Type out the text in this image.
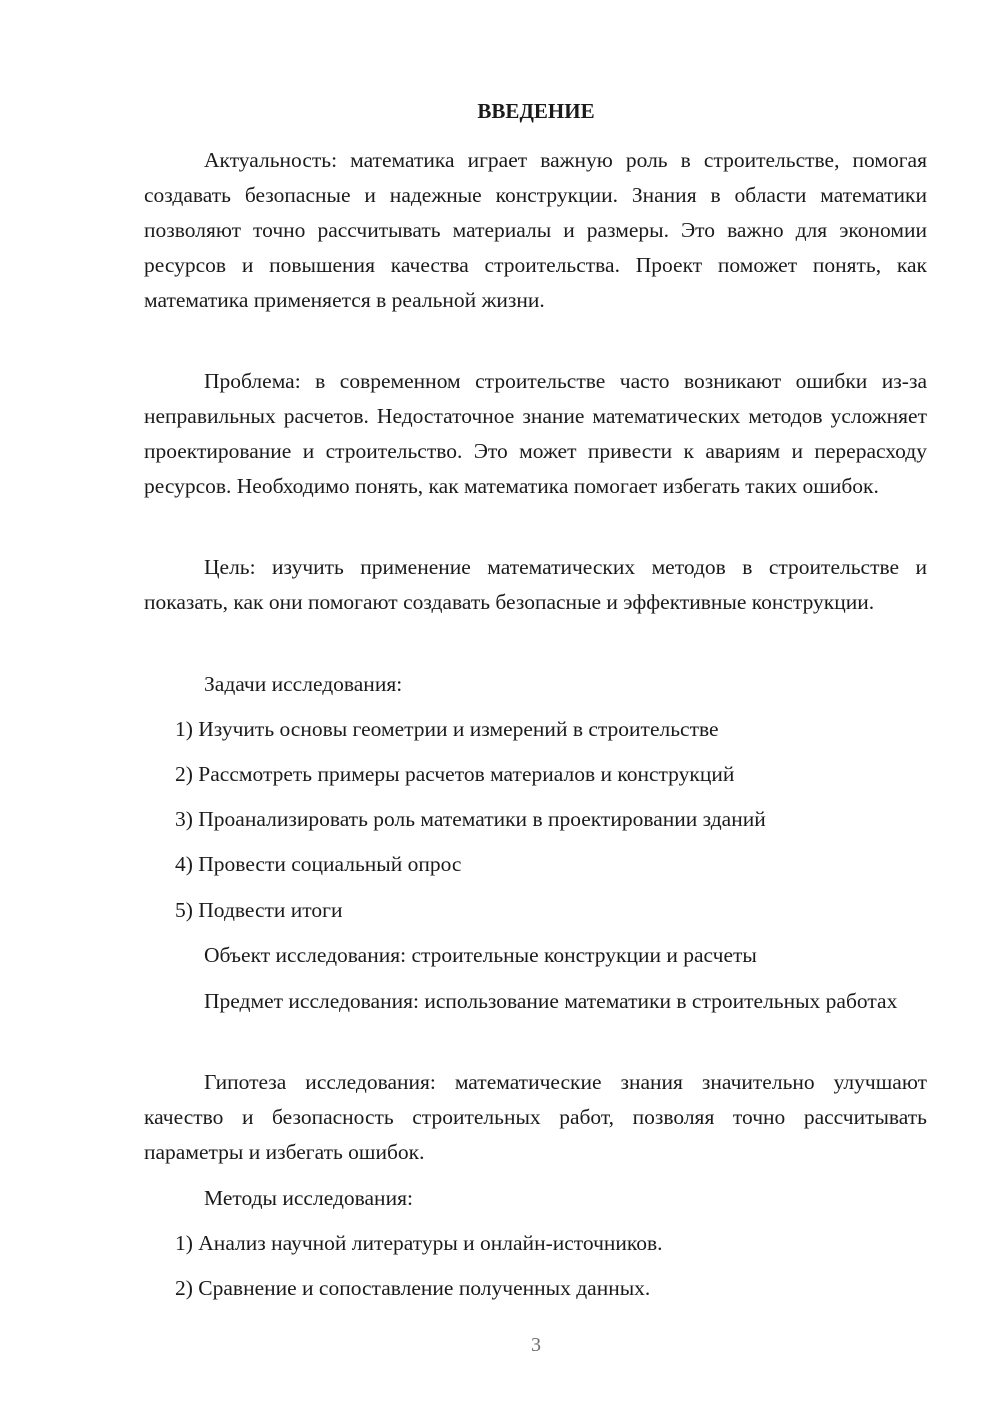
ВВЕДЕНИЕ
Актуальность: математика играет важную роль в строительстве, помогая создавать безопасные и надежные конструкции. Знания в области математики позволяют точно рассчитывать материалы и размеры. Это важно для экономии ресурсов и повышения качества строительства. Проект поможет понять, как математика применяется в реальной жизни.
Проблема: в современном строительстве часто возникают ошибки из-за неправильных расчетов. Недостаточное знание математических методов усложняет проектирование и строительство. Это может привести к авариям и перерасходу ресурсов. Необходимо понять, как математика помогает избегать таких ошибок.
Цель: изучить применение математических методов в строительстве и показать, как они помогают создавать безопасные и эффективные конструкции.
Задачи исследования:
1) Изучить основы геометрии и измерений в строительстве
2) Рассмотреть примеры расчетов материалов и конструкций
3) Проанализировать роль математики в проектировании зданий
4) Провести социальный опрос
5) Подвести итоги
Объект исследования: строительные конструкции и расчеты
Предмет исследования: использование математики в строительных работах
Гипотеза исследования: математические знания значительно улучшают качество и безопасность строительных работ, позволяя точно рассчитывать параметры и избегать ошибок.
Методы исследования:
1) Анализ научной литературы и онлайн-источников.
2) Сравнение и сопоставление полученных данных.
3
